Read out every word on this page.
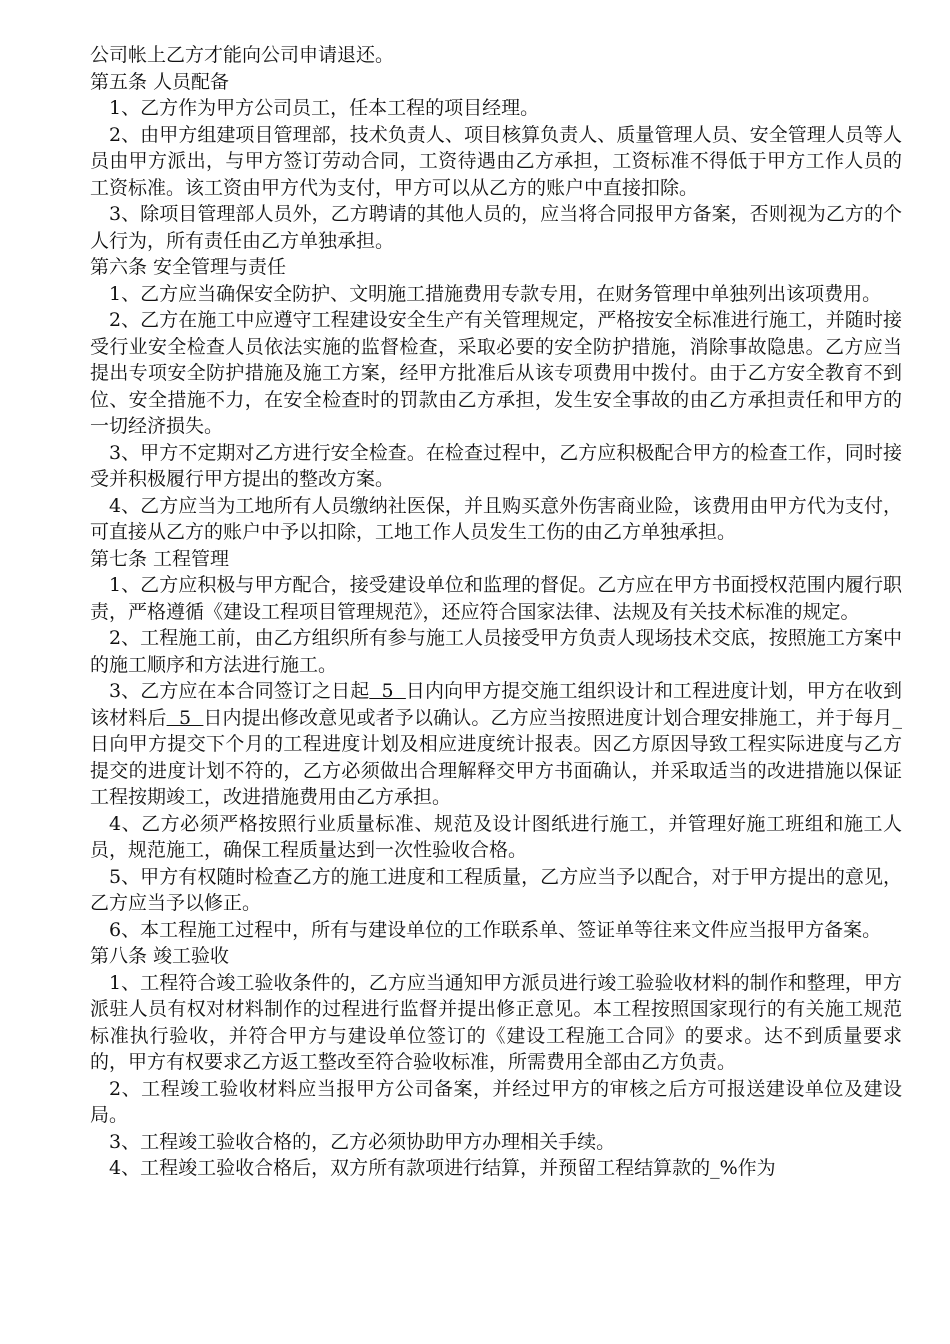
公司帐上乙方才能向公司申请退还。

第五条 人员配备

1、乙方作为甲方公司员工，任本工程的项目经理。

2、由甲方组建项目管理部，技术负责人、项目核算负责人、质量管理人员、安全管理人员等人员由甲方派出，与甲方签订劳动合同，工资待遇由乙方承担，工资标准不得低于甲方工作人员的工资标准。该工资由甲方代为支付，甲方可以从乙方的账户中直接扣除。

3、除项目管理部人员外，乙方聘请的其他人员的，应当将合同报甲方备案，否则视为乙方的个人行为，所有责任由乙方单独承担。

第六条 安全管理与责任

1、乙方应当确保安全防护、文明施工措施费用专款专用，在财务管理中单独列出该项费用。

2、乙方在施工中应遵守工程建设安全生产有关管理规定，严格按安全标准进行施工，并随时接受行业安全检查人员依法实施的监督检查，采取必要的安全防护措施，消除事故隐患。乙方应当提出专项安全防护措施及施工方案，经甲方批准后从该专项费用中拨付。由于乙方安全教育不到位、安全措施不力，在安全检查时的罚款由乙方承担，发生安全事故的由乙方承担责任和甲方的一切经济损失。

3、甲方不定期对乙方进行安全检查。在检查过程中，乙方应积极配合甲方的检查工作，同时接受并积极履行甲方提出的整改方案。

4、乙方应当为工地所有人员缴纳社医保，并且购买意外伤害商业险，该费用由甲方代为支付，可直接从乙方的账户中予以扣除，工地工作人员发生工伤的由乙方单独承担。

第七条 工程管理

1、乙方应积极与甲方配合，接受建设单位和监理的督促。乙方应在甲方书面授权范围内履行职责，严格遵循《建设工程项目管理规范》，还应符合国家法律、法规及有关技术标准的规定。

2、工程施工前，由乙方组织所有参与施工人员接受甲方负责人现场技术交底，按照施工方案中的施工顺序和方法进行施工。

3、乙方应在本合同签订之日起  5  日内向甲方提交施工组织设计和工程进度计划，甲方在收到该材料后  5  日内提出修改意见或者予以确认。乙方应当按照进度计划合理安排施工，并于每月_日向甲方提交下个月的工程进度计划及相应进度统计报表。因乙方原因导致工程实际进度与乙方提交的进度计划不符的，乙方必须做出合理解释交甲方书面确认，并采取适当的改进措施以保证工程按期竣工，改进措施费用由乙方承担。

4、乙方必须严格按照行业质量标准、规范及设计图纸进行施工，并管理好施工班组和施工人员，规范施工，确保工程质量达到一次性验收合格。

5、甲方有权随时检查乙方的施工进度和工程质量，乙方应当予以配合，对于甲方提出的意见，乙方应当予以修正。

6、本工程施工过程中，所有与建设单位的工作联系单、签证单等往来文件应当报甲方备案。

第八条 竣工验收

1、工程符合竣工验收条件的，乙方应当通知甲方派员进行竣工验验收材料的制作和整理，甲方派驻人员有权对材料制作的过程进行监督并提出修正意见。本工程按照国家现行的有关施工规范标准执行验收，并符合甲方与建设单位签订的《建设工程施工合同》的要求。达不到质量要求的，甲方有权要求乙方返工整改至符合验收标准，所需费用全部由乙方负责。

2、工程竣工验收材料应当报甲方公司备案，并经过甲方的审核之后方可报送建设单位及建设局。

3、工程竣工验收合格的，乙方必须协助甲方办理相关手续。

4、工程竣工验收合格后，双方所有款项进行结算，并预留工程结算款的_%作为
